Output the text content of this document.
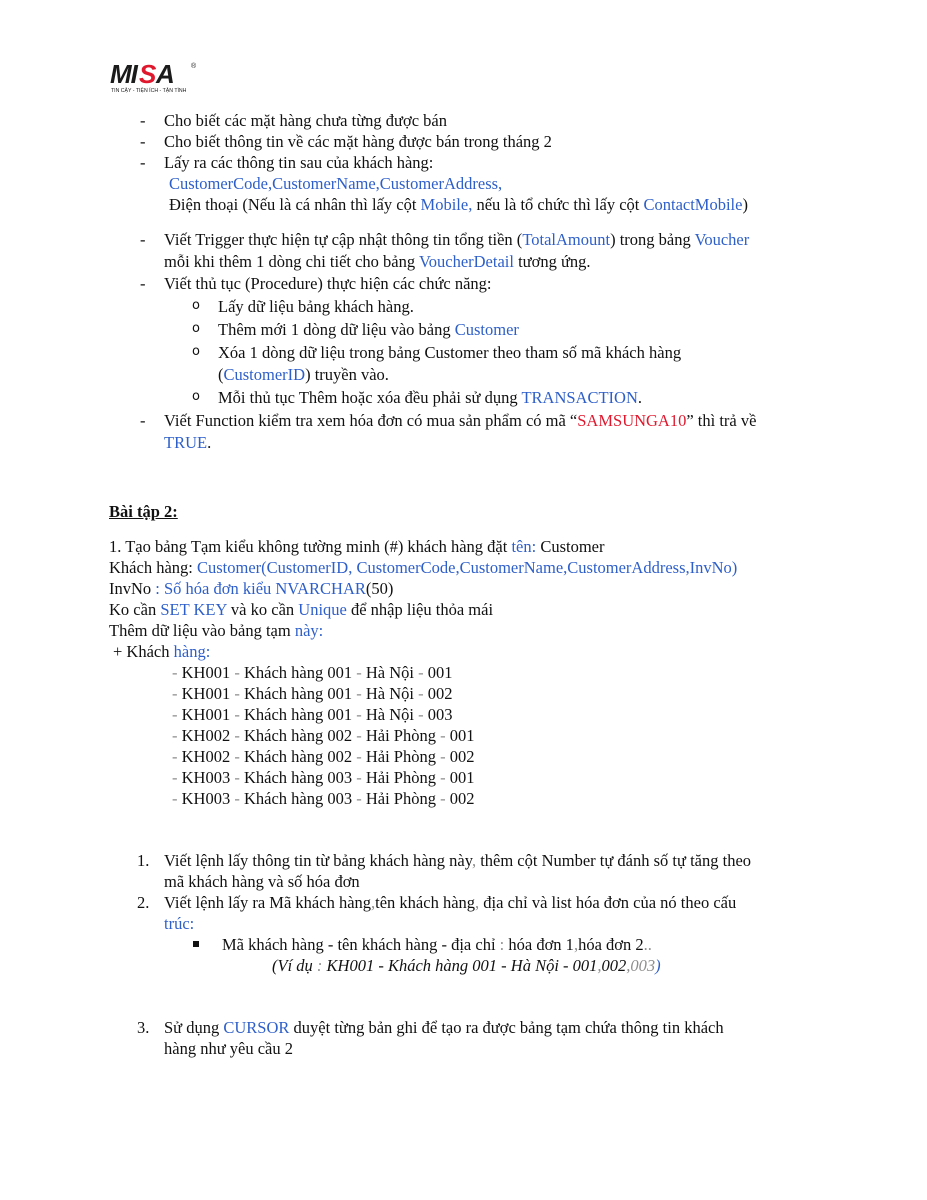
MI S A ®
TIN CẬY - TIỆN ÍCH - TẬN TÌNH
- Cho biết các mặt hàng chưa từng được bán
- Cho biết thông tin về các mặt hàng được bán trong tháng 2
- Lấy ra các thông tin sau của khách hàng:
CustomerCode,CustomerName,CustomerAddress,
Điện thoại (Nếu là cá nhân thì lấy cột Mobile, nếu là tổ chức thì lấy cột ContactMobile)
- Viết Trigger thực hiện tự cập nhật thông tin tổng tiền (TotalAmount) trong bảng Voucher
mỗi khi thêm 1 dòng chi tiết cho bảng VoucherDetail tương ứng.
- Viết thủ tục (Procedure) thực hiện các chức năng:
o Lấy dữ liệu bảng khách hàng.
o Thêm mới 1 dòng dữ liệu vào bảng Customer
o Xóa 1 dòng dữ liệu trong bảng Customer theo tham số mã khách hàng
(CustomerID) truyền vào.
o Mỗi thủ tục Thêm hoặc xóa đều phải sử dụng TRANSACTION.
- Viết Function kiểm tra xem hóa đơn có mua sản phẩm có mã “SAMSUNGA10” thì trả về
TRUE.
Bài tập 2:
1. Tạo bảng Tạm kiểu không tường minh (#) khách hàng đặt tên: Customer
Khách hàng: Customer(CustomerID, CustomerCode,CustomerName,CustomerAddress,InvNo)
InvNo : Số hóa đơn kiểu NVARCHAR(50)
Ko cần SET KEY và ko cần Unique để nhập liệu thỏa mái
Thêm dữ liệu vào bảng tạm này:
+ Khách hàng:
- KH001 - Khách hàng 001 - Hà Nội - 001
- KH001 - Khách hàng 001 - Hà Nội - 002
- KH001 - Khách hàng 001 - Hà Nội - 003
- KH002 - Khách hàng 002 - Hải Phòng - 001
- KH002 - Khách hàng 002 - Hải Phòng - 002
- KH003 - Khách hàng 003 - Hải Phòng - 001
- KH003 - Khách hàng 003 - Hải Phòng - 002
1. Viết lệnh lấy thông tin từ bảng khách hàng này, thêm cột Number tự đánh số tự tăng theo
mã khách hàng và số hóa đơn
2. Viết lệnh lấy ra Mã khách hàng,tên khách hàng, địa chỉ và list hóa đơn của nó theo cấu
trúc:
Mã khách hàng - tên khách hàng - địa chỉ : hóa đơn 1,hóa đơn 2..
(Ví dụ : KH001 - Khách hàng 001 - Hà Nội - 001,002,003)
3. Sử dụng CURSOR duyệt từng bản ghi để tạo ra được bảng tạm chứa thông tin khách
hàng như yêu cầu 2
